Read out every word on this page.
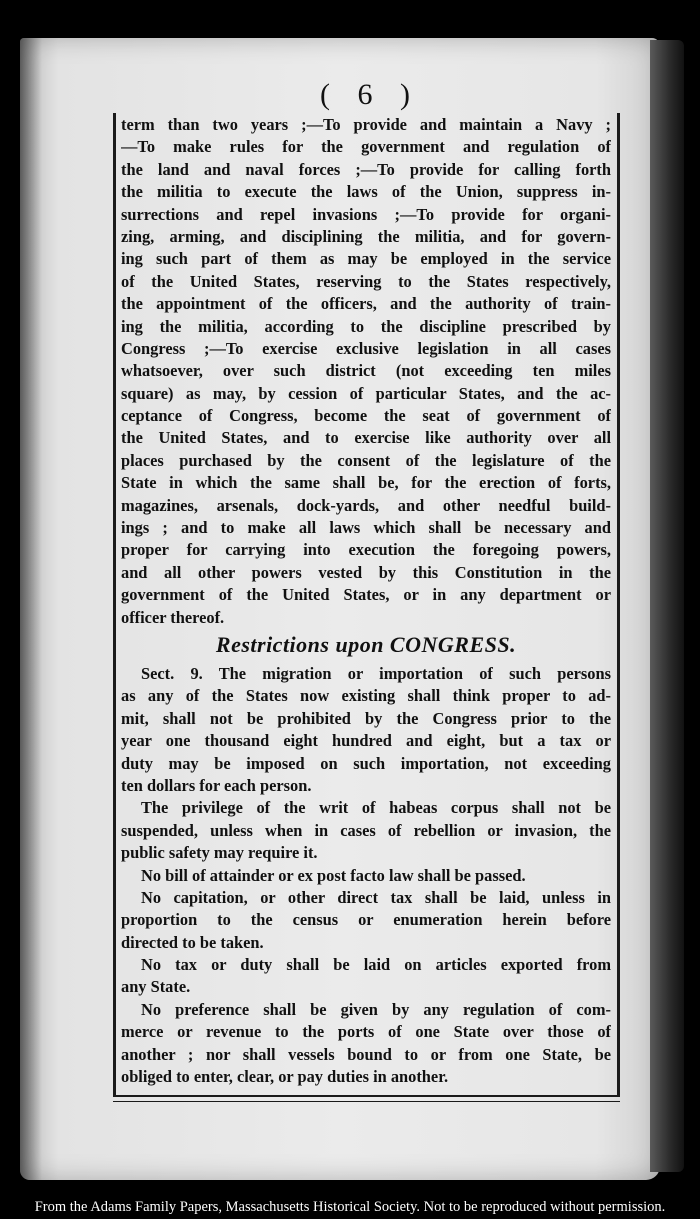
( 6 )
term than two years ;—To provide and maintain a Navy ;
—To make rules for the government and regulation of
the land and naval forces ;—To provide for calling forth
the militia to execute the laws of the Union, suppress in-
surrections and repel invasions ;—To provide for organi-
zing, arming, and disciplining the militia, and for govern-
ing such part of them as may be employed in the service
of the United States, reserving to the States respectively,
the appointment of the officers, and the authority of train-
ing the militia, according to the discipline prescribed by
Congress ;—To exercise exclusive legislation in all cases
whatsoever, over such district (not exceeding ten miles
square) as may, by cession of particular States, and the ac-
ceptance of Congress, become the seat of government of
the United States, and to exercise like authority over all
places purchased by the consent of the legislature of the
State in which the same shall be, for the erection of forts,
magazines, arsenals, dock-yards, and other needful build-
ings ; and to make all laws which shall be necessary and
proper for carrying into execution the foregoing powers,
and all other powers vested by this Constitution in the
government of the United States, or in any department or
officer thereof.
Restrictions upon CONGRESS.
Sect. 9. The migration or importation of such persons
as any of the States now existing shall think proper to ad-
mit, shall not be prohibited by the Congress prior to the
year one thousand eight hundred and eight, but a tax or
duty may be imposed on such importation, not exceeding
ten dollars for each person.
The privilege of the writ of habeas corpus shall not be
suspended, unless when in cases of rebellion or invasion, the
public safety may require it.
No bill of attainder or ex post facto law shall be passed.
No capitation, or other direct tax shall be laid, unless in
proportion to the census or enumeration herein before
directed to be taken.
No tax or duty shall be laid on articles exported from
any State.
No preference shall be given by any regulation of com-
merce or revenue to the ports of one State over those of
another ; nor shall vessels bound to or from one State, be
obliged to enter, clear, or pay duties in another.
From the Adams Family Papers, Massachusetts Historical Society. Not to be reproduced without permission.
